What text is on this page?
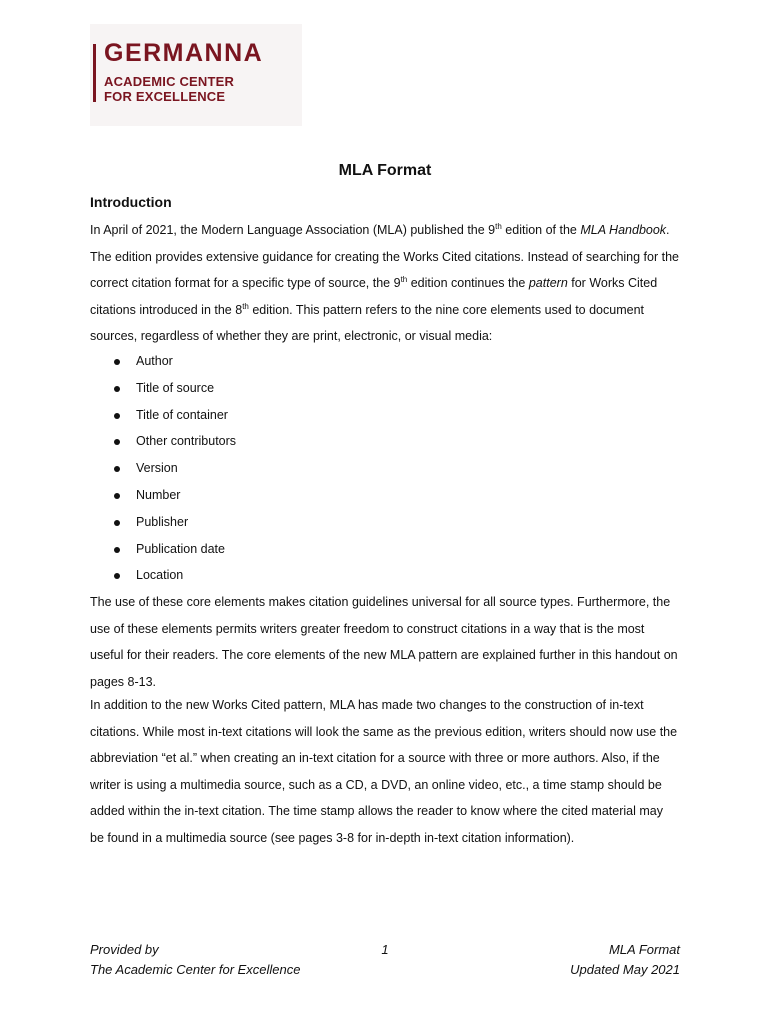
GERMANNA
ACADEMIC CENTER
FOR EXCELLENCE
MLA Format
Introduction

In April of 2021, the Modern Language Association (MLA) published the 9th edition of the MLA Handbook. The edition provides extensive guidance for creating the Works Cited citations. Instead of searching for the correct citation format for a specific type of source, the 9th edition continues the pattern for Works Cited citations introduced in the 8th edition. This pattern refers to the nine core elements used to document sources, regardless of whether they are print, electronic, or visual media:

Author
Title of source
Title of container
Other contributors
Version
Number
Publisher
Publication date
Location

The use of these core elements makes citation guidelines universal for all source types. Furthermore, the use of these elements permits writers greater freedom to construct citations in a way that is the most useful for their readers. The core elements of the new MLA pattern are explained further in this handout on pages 8-13.

In addition to the new Works Cited pattern, MLA has made two changes to the construction of in-text citations. While most in-text citations will look the same as the previous edition, writers should now use the abbreviation “et al.” when creating an in-text citation for a source with three or more authors. Also, if the writer is using a multimedia source, such as a CD, a DVD, an online video, etc., a time stamp should be added within the in-text citation. The time stamp allows the reader to know where the cited material may be found in a multimedia source (see pages 3-8 for in-depth in-text citation information).

Provided by
The Academic Center for Excellence
1	MLA Format
Updated May 2021
